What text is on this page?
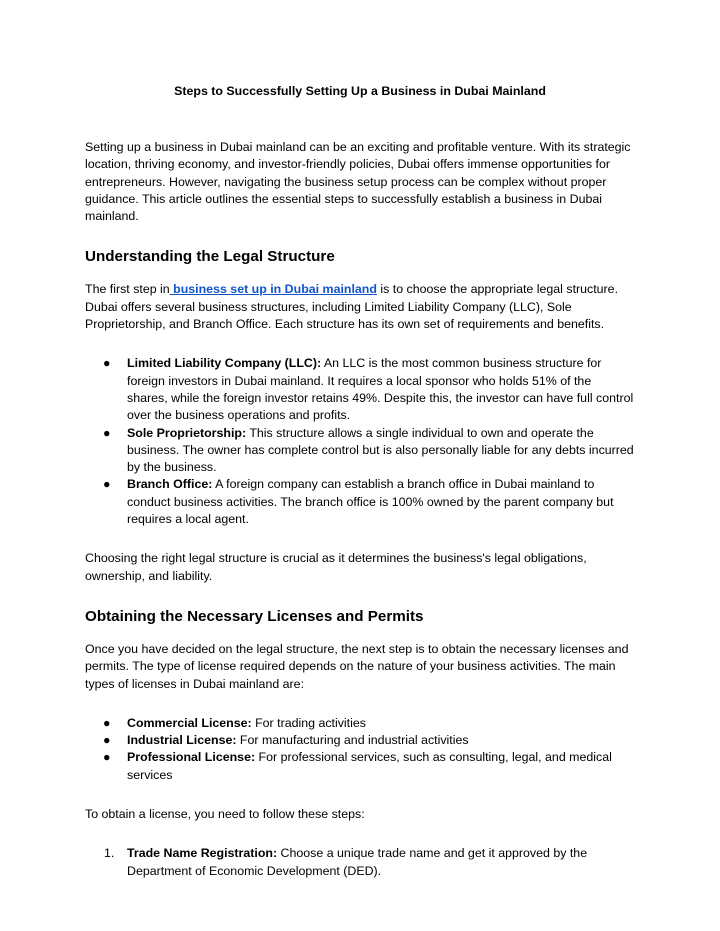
Steps to Successfully Setting Up a Business in Dubai Mainland

Setting up a business in Dubai mainland can be an exciting and profitable venture. With its strategic location, thriving economy, and investor-friendly policies, Dubai offers immense opportunities for entrepreneurs. However, navigating the business setup process can be complex without proper guidance. This article outlines the essential steps to successfully establish a business in Dubai mainland.

Understanding the Legal Structure

The first step in business set up in Dubai mainland is to choose the appropriate legal structure. Dubai offers several business structures, including Limited Liability Company (LLC), Sole Proprietorship, and Branch Office. Each structure has its own set of requirements and benefits.

● Limited Liability Company (LLC): An LLC is the most common business structure for foreign investors in Dubai mainland. It requires a local sponsor who holds 51% of the shares, while the foreign investor retains 49%. Despite this, the investor can have full control over the business operations and profits.
● Sole Proprietorship: This structure allows a single individual to own and operate the business. The owner has complete control but is also personally liable for any debts incurred by the business.
● Branch Office: A foreign company can establish a branch office in Dubai mainland to conduct business activities. The branch office is 100% owned by the parent company but requires a local agent.

Choosing the right legal structure is crucial as it determines the business's legal obligations, ownership, and liability.

Obtaining the Necessary Licenses and Permits

Once you have decided on the legal structure, the next step is to obtain the necessary licenses and permits. The type of license required depends on the nature of your business activities. The main types of licenses in Dubai mainland are:

● Commercial License: For trading activities
● Industrial License: For manufacturing and industrial activities
● Professional License: For professional services, such as consulting, legal, and medical services

To obtain a license, you need to follow these steps:

1. Trade Name Registration: Choose a unique trade name and get it approved by the Department of Economic Development (DED).
